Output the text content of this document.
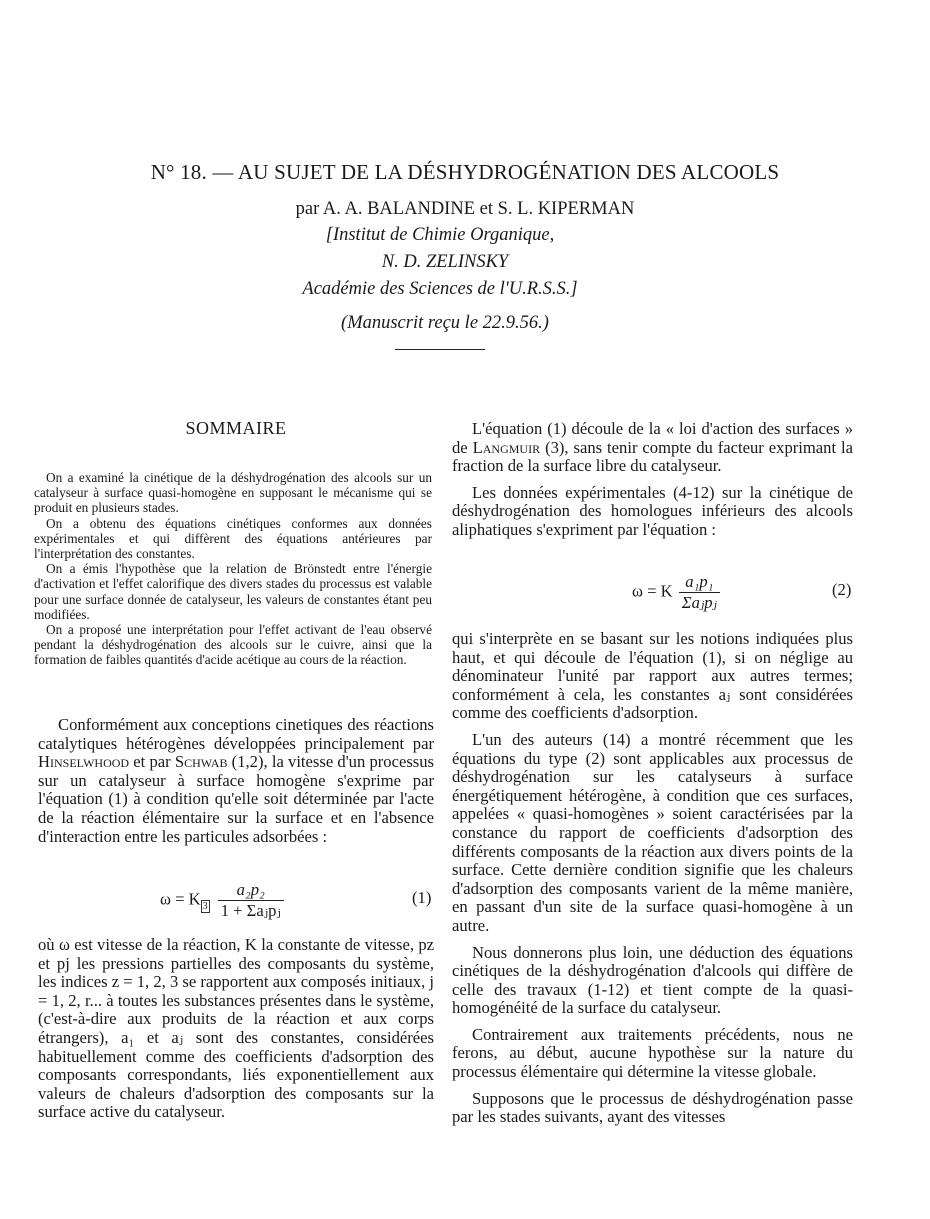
N° 18. — AU SUJET DE LA DÉSHYDROGÉNATION DES ALCOOLS
par A. A. BALANDINE et S. L. KIPERMAN
[Institut de Chimie Organique,
N. D. ZELINSKY
Académie des Sciences de l'U.R.S.S.]
(Manuscrit reçu le 22.9.56.)
SOMMAIRE

On a examiné la cinétique de la déshydrogénation des alcools sur un catalyseur à surface quasi-homogène en supposant le mécanisme qui se produit en plusieurs stades.

On a obtenu des équations cinétiques conformes aux données expérimentales et qui diffèrent des équations antérieures par l'interprétation des constantes.

On a émis l'hypothèse que la relation de Brönstedt entre l'énergie d'activation et l'effet calorifique des divers stades du processus est valable pour une surface donnée de catalyseur, les valeurs de constantes étant peu modifiées.

On a proposé une interprétation pour l'effet activant de l'eau observé pendant la déshydrogénation des alcools sur le cuivre, ainsi que la formation de faibles quantités d'acide acétique au cours de la réaction.

Conformément aux conceptions cinetiques des réactions catalytiques hétérogènes développées principalement par Hinselwhood et par Schwab (1,2), la vitesse d'un processus sur un catalyseur à surface homogène s'exprime par l'équation (1) à condition qu'elle soit déterminée par l'acte de la réaction élémentaire sur la surface et en l'absence d'interaction entre les particules adsorbées :

ω = K $_3 \frac{\text{a₂p₂}}{\text{1 + Σaⱼpⱼ}}$	(1)

où ω est vitesse de la réaction, K la constante de vitesse, pz et pj les pressions partielles des composants du système, les indices z = 1, 2, 3 se rapportent aux composés initiaux, j = 1, 2, r... à toutes les substances présentes dans le système, (c'est-à-dire aux produits de la réaction et aux corps étrangers), a₁ et aⱼ sont des constantes, considérées habituellement comme des coefficients d'adsorption des composants correspondants, liés exponentiellement aux valeurs de chaleurs d'adsorption des composants sur la surface active du catalyseur.

L'équation (1) découle de la « loi d'action des surfaces » de Langmuir (3), sans tenir compte du facteur exprimant la fraction de la surface libre du catalyseur.

Les données expérimentales (4-12) sur la cinétique de déshydrogénation des homologues inférieurs des alcools aliphatiques s'expriment par l'équation :

ω = K $\frac{\text{a₁p₁}}{\text{Σaⱼpⱼ}}$	(2)

qui s'interprète en se basant sur les notions indiquées plus haut, et qui découle de l'équation (1), si on néglige au dénominateur l'unité par rapport aux autres termes; conformément à cela, les constantes aⱼ sont considérées comme des coefficients d'adsorption.

L'un des auteurs (14) a montré récemment que les équations du type (2) sont applicables aux processus de déshydrogénation sur les catalyseurs à surface énergétiquement hétérogène, à condition que ces surfaces, appelées « quasi-homogènes » soient caractérisées par la constance du rapport de coefficients d'adsorption des différents composants de la réaction aux divers points de la surface. Cette dernière condition signifie que les chaleurs d'adsorption des composants varient de la même manière, en passant d'un site de la surface quasi-homogène à un autre.

Nous donnerons plus loin, une déduction des équations cinétiques de la déshydrogénation d'alcools qui diffère de celle des travaux (1-12) et tient compte de la quasi-homogénéité de la surface du catalyseur.

Contrairement aux traitements précédents, nous ne ferons, au début, aucune hypothèse sur la nature du processus élémentaire qui détermine la vitesse globale.

Supposons que le processus de déshydrogénation passe par les stades suivants, ayant des vitesses
